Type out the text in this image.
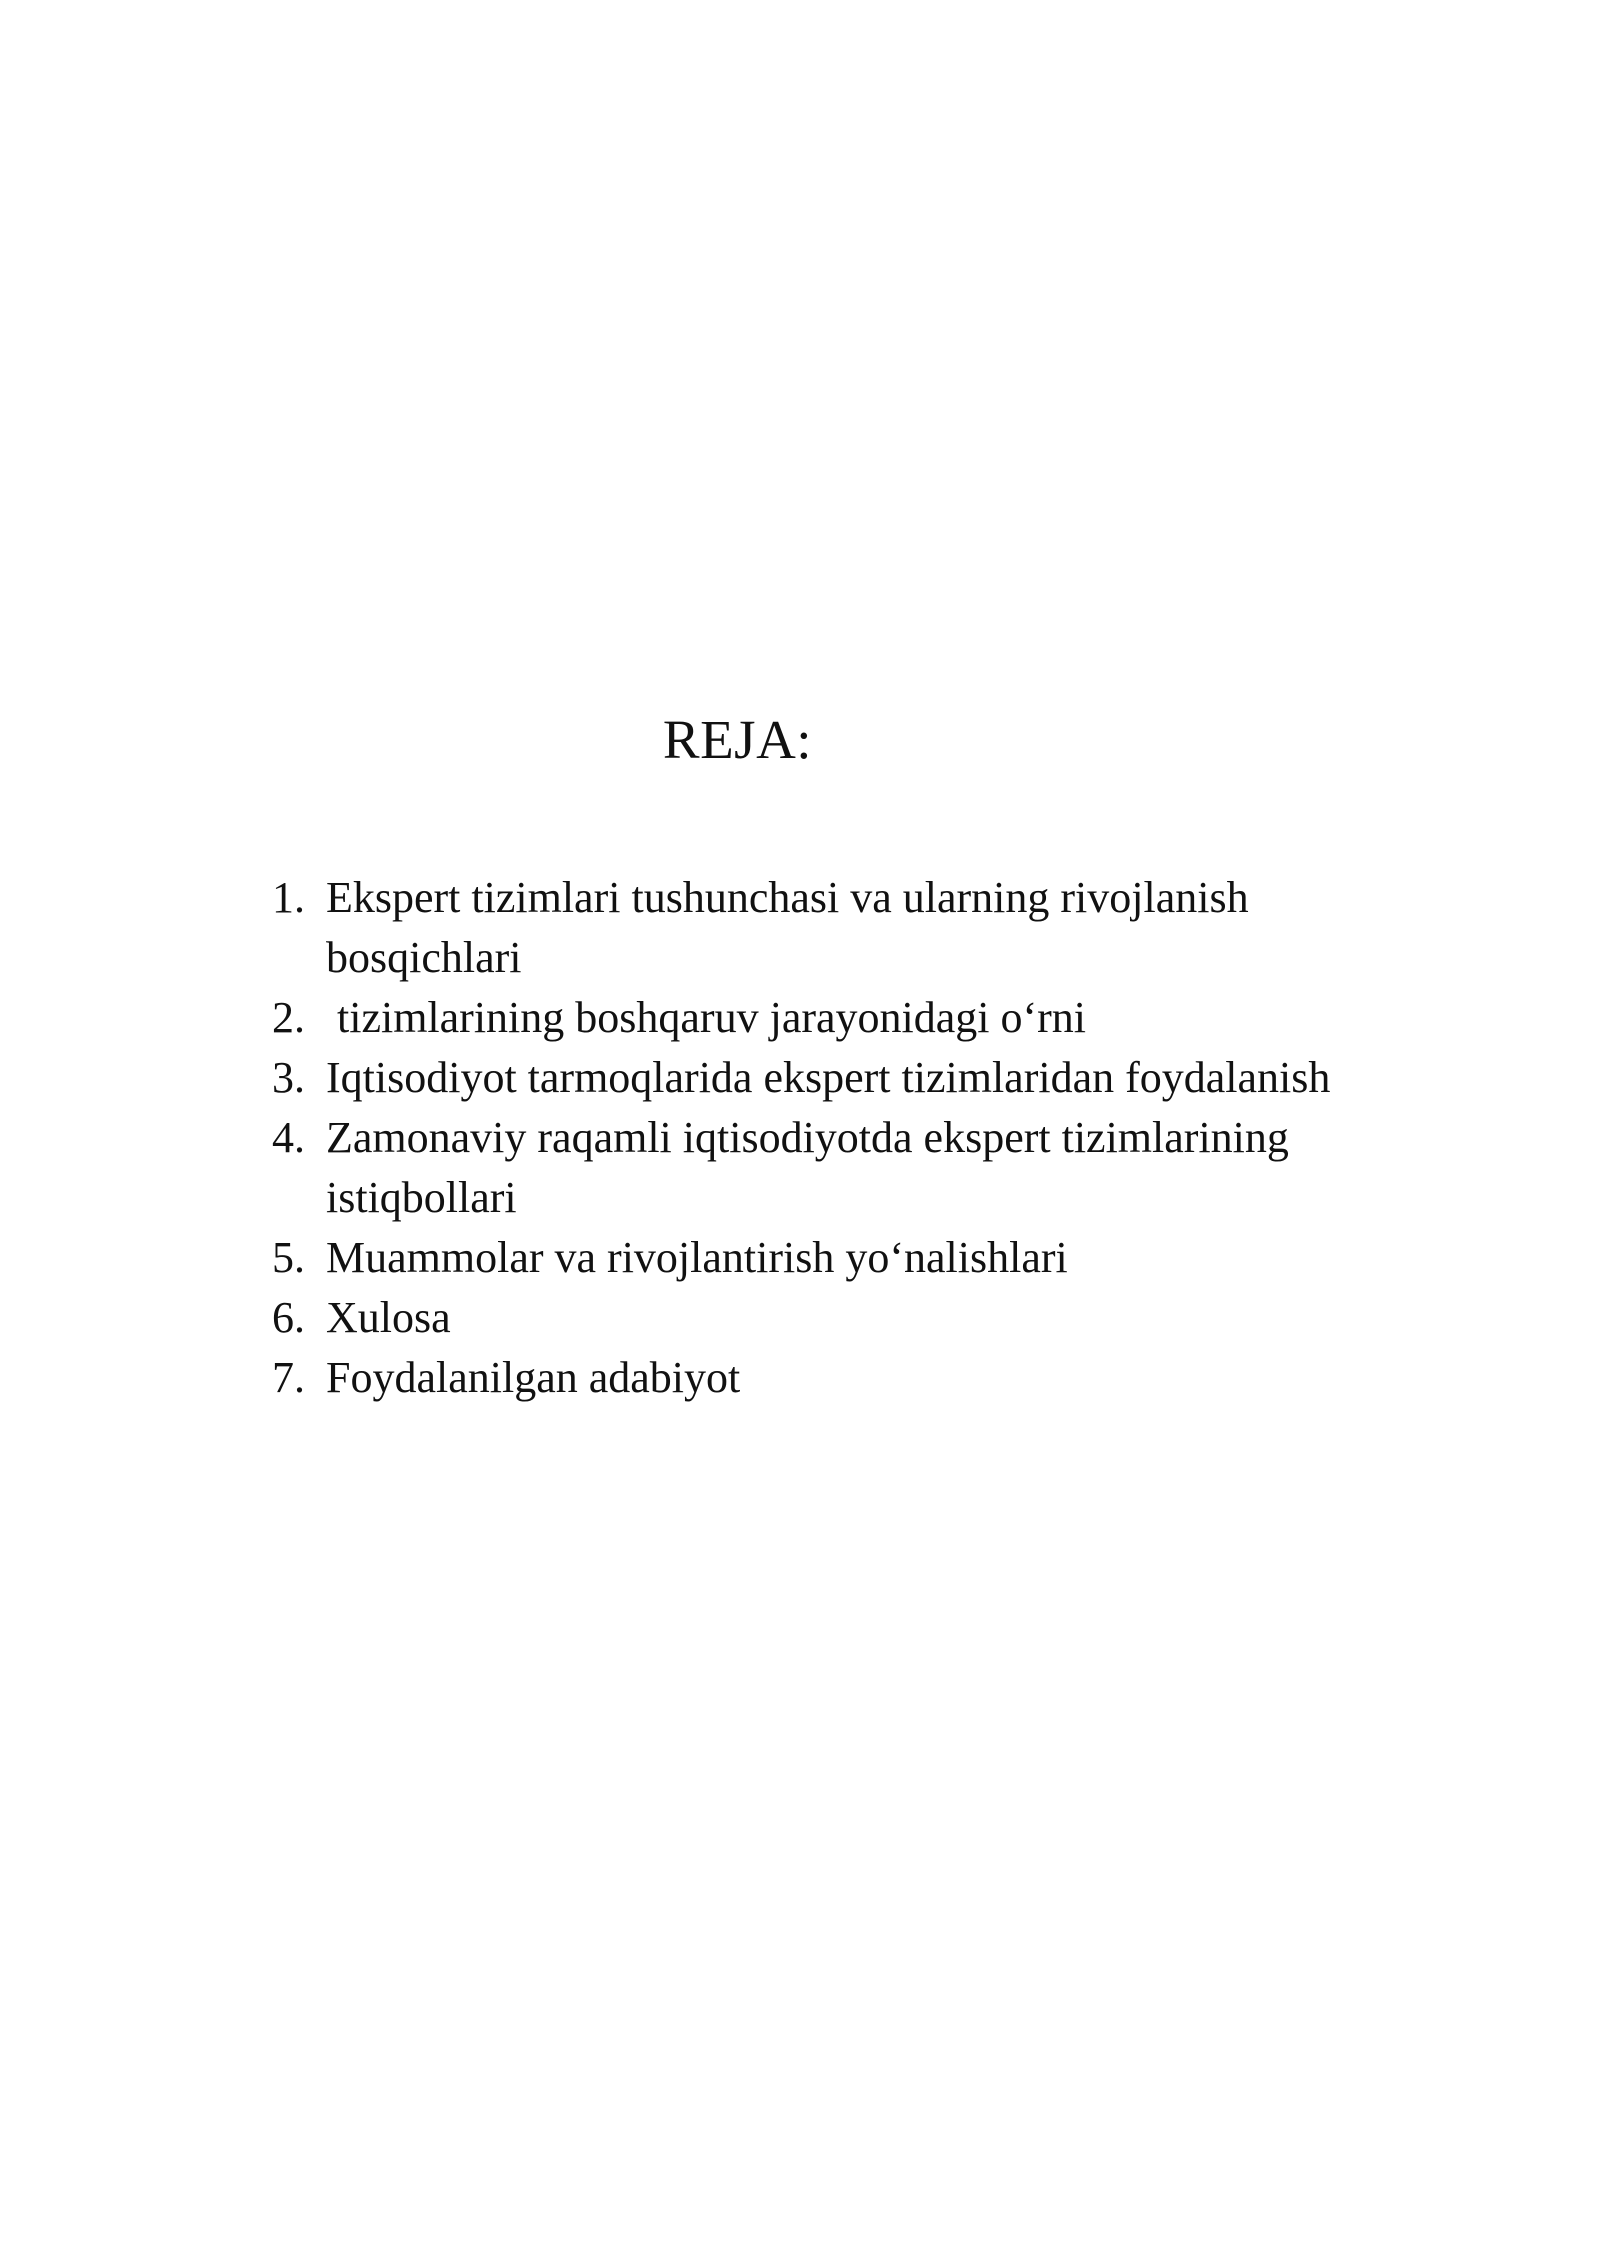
REJA:
1. Ekspert tizimlari tushunchasi va ularning rivojlanish
bosqichlari
2. tizimlarining boshqaruv jarayonidagi o‘rni
3. Iqtisodiyot tarmoqlarida ekspert tizimlaridan foydalanish
4. Zamonaviy raqamli iqtisodiyotda ekspert tizimlarining
istiqbollari
5. Muammolar va rivojlantirish yo‘nalishlari
6. Xulosa
7. Foydalanilgan adabiyot
